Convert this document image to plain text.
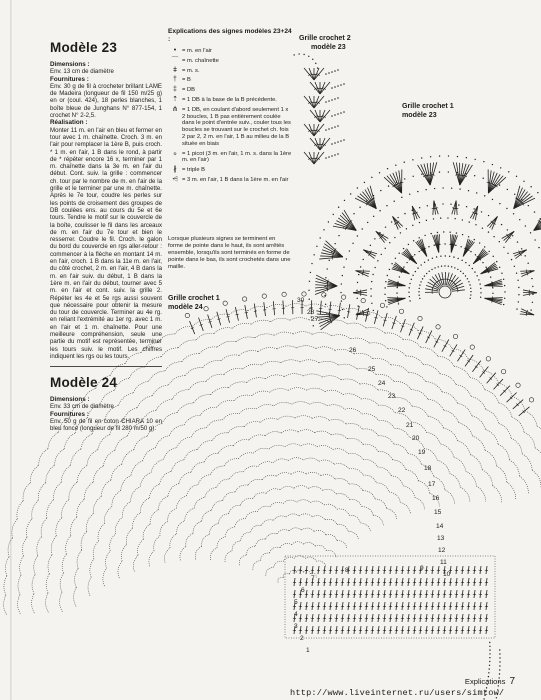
Modèle 23
Dimensions :
Env. 13 cm de diamètre
Fournitures :
Env. 30 g de fil à crocheter brillant LAME de Madeira (longueur de fil 150 m/25 g) en or (coul. 424), 18 perles blanches, 1 boîte bleue de Junghans N° 877-154, 1 crochet N° 2-2,5.
Réalisation :
Monter 11 m. en l'air en bleu et fermer en tour avec 1 m. chaînette. Croch. 3 m. en l'air pour remplacer la 1ère B, puis croch. * 1 m. en l'air, 1 B dans le rond, à partir de * répéter encore 16 x, terminer par 1 m. chaînette dans la 3e m. en l'air du début. Cont. suiv. la grille : commencer ch. tour par le nombre de m. en l'air de la grille et le terminer par une m. chaînette. Après le 7e tour, coudre les perles sur les points de croisement des groupes de DB coulées ens. au cours du 5e et 6e tours. Tendre le motif sur le couvercle de la boîte, coulisser le fil dans les arceaux de m. en l'air du 7e tour et bien le resserrer. Coudre le fil. Croch. le galon du bord du couvercle en rgs aller-retour : commencer à la flèche en montant 14 m. en l'air, croch. 1 B dans la 11e m. en l'air, du côté crochet, 2 m. en l'air, 4 B dans la m. en l'air suiv. du début, 1 B dans la 1ère m. en l'air du début, tourner avec 5 m. en l'air et cont. suiv. la grille 2. Répéter les 4e et 5e rgs aussi souvent que nécessaire pour obtenir la mesure du tour de couvercle. Terminer au 4e rg. en reliant l'extrémité au 1er rg. avec 1 m. en l'air et 1 m. chaînette. Pour une meilleure compréhension, seule une partie du motif est représentée, terminer les tours suiv. le motif. Les chiffres indiquent les rgs ou les tours.
Modèle 24
Dimensions :
Env. 33 cm de diamètre
Fournitures :
Env. 50 g de fil en coton CHIARA 10 en bleu foncé (longueur de fil 280 m/50 g).
Explications des signes modèles 23+24 :
• = m. en l'air
⌒ = m. chaînette
ǂ = m. s.
† = B
‡ = DB
⇡ = 1 DB à la base de la B précédente.
⋔ = 1 DB, en coulant d'abord seulement 1 x 2 boucles, 1 B pas entièrement coulée dans le point d'entrée suiv., couler tous les boucles se trouvant sur le crochet ch. fois 2 par 2, 2 m. en l'air, 1 B au milieu de la B située en biais
ℴ = 1 picot (3 m. en l'air, 1 m. s. dans la 1ère m. en l'air)
∦ = triple B
⩤ = 3 m. en l'air, 1 B dans la 1ère m. en l'air
Lorsque plusieurs signes se terminent en forme de pointe dans le haut, ils sont arrêtés ensemble, lorsqu'ils sont terminés en forme de pointe dans le bas, ils sont crochetés dans une maille.
Grille crochet 2
modèle 23
Grille crochet 1
modèle 23
Grille crochet 1
modèle 24
30
28
27
26
25
24
23
22
21
20
19
18
17
16
15
14
13
12
11
10
9
8
7
6
5
4
3
2
1
Explications 7
http://www.liveinternet.ru/users/simtow/
